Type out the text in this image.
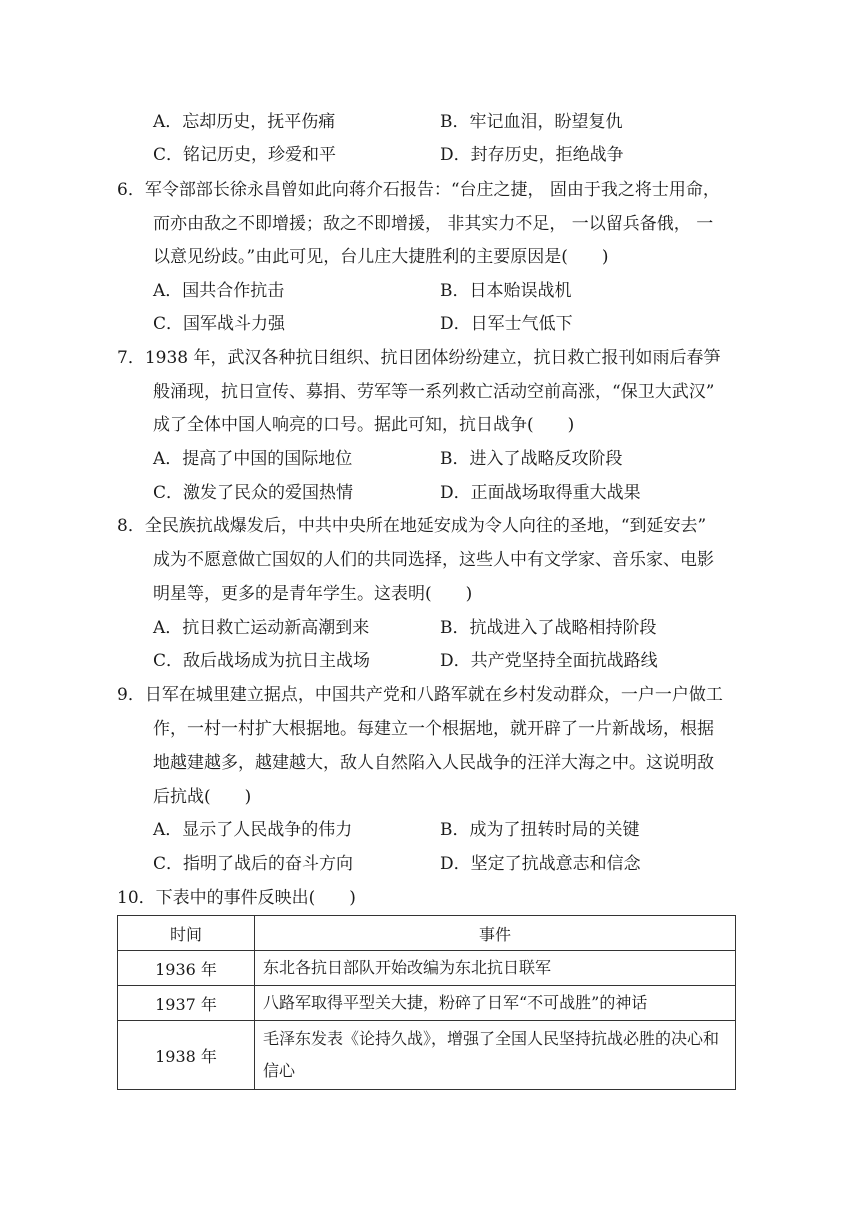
A．忘却历史，抚平伤痛	B．牢记血泪，盼望复仇
C．铭记历史，珍爱和平	D．封存历史，拒绝战争
6．军令部部长徐永昌曾如此向蒋介石报告：“台庄之捷， 固由于我之将士用命，
而亦由敌之不即增援；敌之不即增援， 非其实力不足， 一以留兵备俄， 一
以意见纷歧。”由此可见，台儿庄大捷胜利的主要原因是(　　)
A．国共合作抗击	B．日本贻误战机
C．国军战斗力强	D．日军士气低下
7．1938 年，武汉各种抗日组织、抗日团体纷纷建立，抗日救亡报刊如雨后春笋
般涌现，抗日宣传、募捐、劳军等一系列救亡活动空前高涨，“保卫大武汉”
成了全体中国人响亮的口号。据此可知，抗日战争(　　)
A．提高了中国的国际地位	B．进入了战略反攻阶段
C．激发了民众的爱国热情	D．正面战场取得重大战果
8．全民族抗战爆发后，中共中央所在地延安成为令人向往的圣地，“到延安去”
成为不愿意做亡国奴的人们的共同选择，这些人中有文学家、音乐家、电影
明星等，更多的是青年学生。这表明(　　)
A．抗日救亡运动新高潮到来	B．抗战进入了战略相持阶段
C．敌后战场成为抗日主战场	D．共产党坚持全面抗战路线
9．日军在城里建立据点，中国共产党和八路军就在乡村发动群众，一户一户做工
作，一村一村扩大根据地。每建立一个根据地，就开辟了一片新战场，根据
地越建越多，越建越大，敌人自然陷入人民战争的汪洋大海之中。这说明敌
后抗战(　　)
A．显示了人民战争的伟力	B．成为了扭转时局的关键
C．指明了战后的奋斗方向	D．坚定了抗战意志和信念
10．下表中的事件反映出(　　)
时间	事件
1936 年	东北各抗日部队开始改编为东北抗日联军
1937 年	八路军取得平型关大捷，粉碎了日军“不可战胜”的神话
1938 年	毛泽东发表《论持久战》，增强了全国人民坚持抗战必胜的决心和信心
